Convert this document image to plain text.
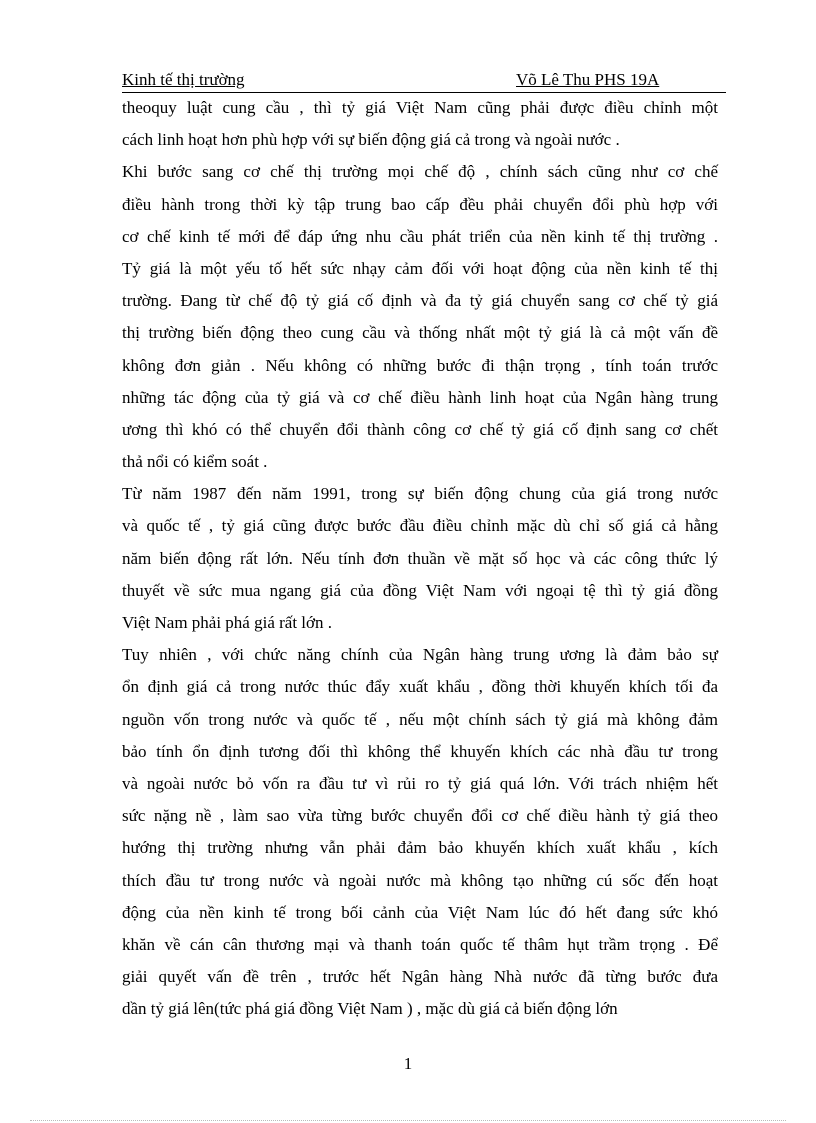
Kinh tế thị trường	Võ Lê Thu PHS 19A
theoquy luật cung cầu , thì tỷ giá Việt Nam cũng phải được điều chỉnh một
cách linh hoạt hơn phù hợp với sự biến động giá cả trong và ngoài nước .
Khi bước sang cơ chế thị trường mọi chế độ , chính sách cũng như cơ chế
điều hành trong thời kỳ tập trung bao cấp đều phải chuyển đổi phù hợp với
cơ chế kinh tế mới để đáp ứng nhu cầu phát triển của nền kinh tế thị trường .
Tỷ giá là một yếu tố hết sức nhạy cảm đối với hoạt động của nền kinh tế thị
trường. Đang từ chế độ tỷ giá cố định và đa tỷ giá chuyển sang cơ chế tỷ giá
thị trường biến động theo cung cầu và thống nhất một tỷ giá là cả một vấn đề
không đơn giản . Nếu không có những bước đi thận trọng , tính toán trước
những tác động của tỷ giá và cơ chế điều hành linh hoạt của Ngân hàng trung
ương thì khó có thể chuyển đổi thành công cơ chế tỷ giá cố định sang cơ chết
thả nổi có kiểm soát .
Từ năm 1987 đến năm 1991, trong sự biến động chung của giá trong nước
và quốc tế , tỷ giá cũng được bước đầu điều chỉnh mặc dù chỉ số giá cả hằng
năm biến động rất lớn. Nếu tính đơn thuần về mặt số học và các công thức lý
thuyết về sức mua ngang giá của đồng Việt Nam với ngoại tệ thì tỷ giá đồng
Việt Nam phải phá giá rất lớn .
Tuy nhiên , với chức năng chính của Ngân hàng trung ương là đảm bảo sự
ổn định giá cả trong nước thúc đẩy xuất khẩu , đồng thời khuyến khích tối đa
nguồn vốn trong nước và quốc tế , nếu một chính sách tỷ giá mà không đảm
bảo tính ổn định tương đối thì không thể khuyến khích các nhà đầu tư trong
và ngoài nước bỏ vốn ra đầu tư vì rủi ro tỷ giá quá lớn. Với trách nhiệm hết
sức nặng nề , làm sao vừa từng bước chuyển đổi cơ chế điều hành tỷ giá theo
hướng thị trường nhưng vẫn phải đảm bảo khuyến khích xuất khẩu , kích
thích đầu tư trong nước và ngoài nước mà không tạo những cú sốc đến hoạt
động của nền kinh tế trong bối cảnh của Việt Nam lúc đó hết đang sức khó
khăn về cán cân thương mại và thanh toán quốc tế thâm hụt trầm trọng . Để
giải quyết vấn đề trên , trước hết Ngân hàng Nhà nước đã từng bước đưa
dần tỷ giá lên(tức phá giá đồng Việt Nam ) , mặc dù giá cả biến động lớn
1
